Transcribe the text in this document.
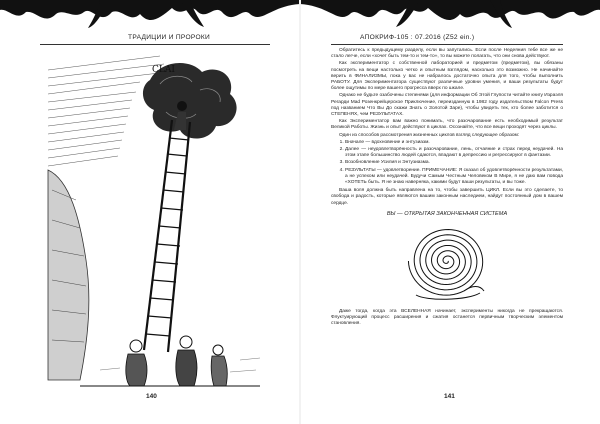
ТРАДИЦИИ И ПРОРОКИ
CLAI
140
АПОКРИФ-105 : 07.2016 (Z52 ein.)

Обратитесь к предыдущему разделу, если вы запутались. Если после Недеяния тебе все же не стало легче, если «хочет быть тем-то и тем-то», то вы можете полагать, что они снова действуют.

Как экспериментатор с собственной лабораторией и предметом (предметом), вы обязаны посмотреть на вещи настолько четко и опытным взглядом, насколько это возможно. Не начинайте верить в ФИНАЛИЗМЫ, пока у вас не набралось достаточно опыта для того, чтобы выполнить РАБОТУ. Для Экспериментатора существуют различные уровни умения, и ваши результаты будут более ощутимы по мере вашего прогресса вверх по шкале.

Однако не будьте озабочены степенями (для информации Об Этой Глупости читайте книгу Израэля Регарди Mad Розенкрейцерское Приключение, переизданную в 1982 году издательством Falcon Press под названием Что Вы До скажи Знать о Золотой Заре), чтобы увидеть тех, кто более заботится о СТЕПЕНЯХ, чем РЕЗУЛЬТАТАХ.

Как Экспериментатор вам важно понимать, что разочарование есть необходимый результат Великой Работы. Жизнь и опыт действуют в циклах. Осознайте, что все вещи проходят через циклы.

Один из способов рассмотрения жизненных циклов взгляд следующее образом:

1. Вначале — вдохновение и энтузиазм.
2. Далее — неудовлетворённость и разочарование, лень, отчаяние и страх перед неудачей. На этом этапе большинство людей сдаются, впадают в депрессию и регрессируют в фантазии.
3. Возобновление Усилия и Энтузиазма.
4. РЕЗУЛЬТАТЫ — удовлетворение. ПРИМЕЧАНИЕ: Я сказал об удовлетворённости результатами, а не успехом или неудачей. Будучи Самым Честным Человеком В Мире, я не даю вам повода «ХОТЕТЬ быть. Я не знаю наверняка, какими будут ваши результаты, и вы тоже.

Ваша воля должна быть направлена на то, чтобы завершить ЦИКЛ. Если вы это сделаете, то свобода и радость, которые являются вашим законным наследием, найдут постоянный дом в вашем сердце.

ВЫ — ОТКРЫТАЯ ЗАКОНЧЕННАЯ СИСТЕМА

Даже тогда, когда эта ВСЕЛЕННАЯ начинает, эксперименты никогда не прекращаются. Флуктуирующий процесс расширения и сжатия останется первичным творческим элементом становления.

141
